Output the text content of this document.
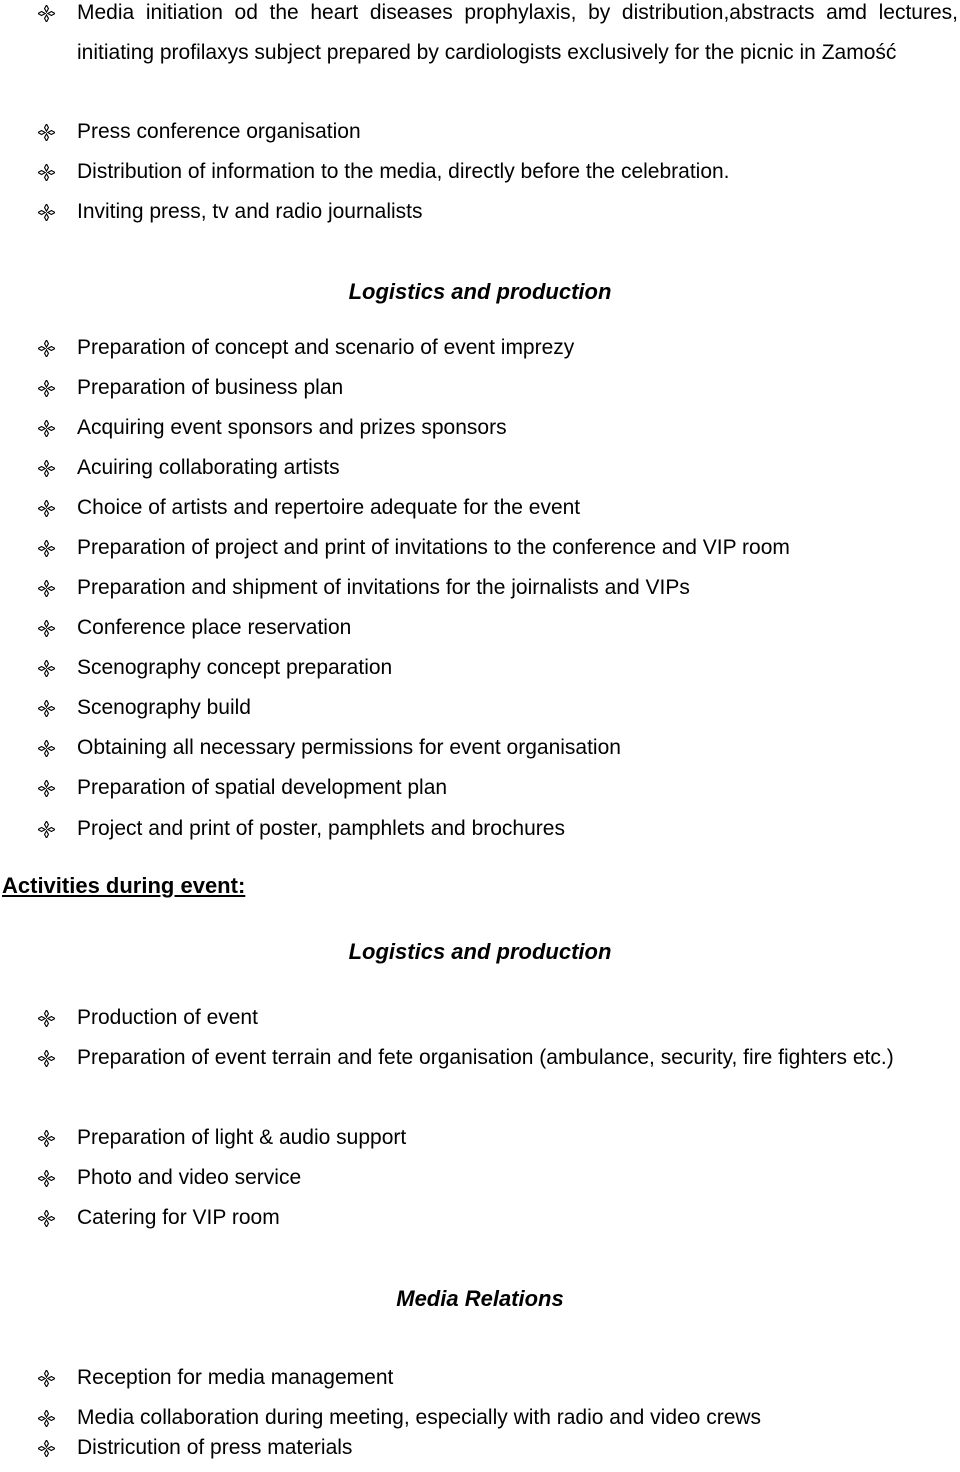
Media initiation od the heart diseases prophylaxis, by distribution,abstracts amd lectures, initiating profilaxys subject prepared by cardiologists exclusively for the picnic in Zamość
Press conference organisation
Distribution of information to the media, directly before the celebration.
Inviting press, tv and radio journalists
Logistics and production
Preparation of concept and scenario of event imprezy
Preparation of business plan
Acquiring event sponsors and prizes sponsors
Acuiring collaborating artists
Choice of artists and repertoire adequate for the event
Preparation of project and print of invitations to the conference and VIP room
Preparation and shipment of invitations for the joirnalists and VIPs
Conference place reservation
Scenography concept preparation
Scenography build
Obtaining all necessary permissions for event organisation
Preparation of spatial development plan
Project and print of poster, pamphlets and brochures
Activities during event:
Logistics and production
Production of event
Preparation of event terrain and fete organisation (ambulance, security, fire fighters etc.)
Preparation of light & audio support
Photo and video service
Catering for VIP room
Media Relations
Reception for media management
Media collaboration during meeting, especially with radio and video crews
Districution of press materials
